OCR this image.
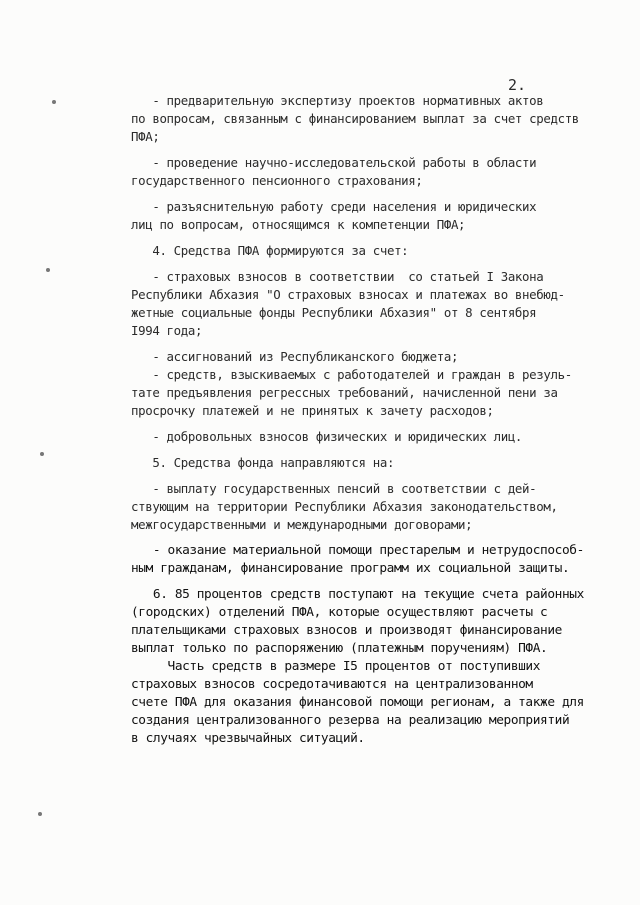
2.
- предварительную экспертизу проектов нормативных актов
по вопросам, связанным с финансированием выплат за счет средств
ПФА;
- проведение научно-исследовательской работы в области
государственного пенсионного страхования;
- разъяснительную работу среди населения и юридических
лиц по вопросам, относящимся к компетенции ПФА;
4. Средства ПФА формируются за счет:
- страховых взносов в соответствии  со статьей I Закона
Республики Абхазия "О страховых взносах и платежах во внебюд-
жетные социальные фонды Республики Абхазия" от 8 сентября
I994 года;
- ассигнований из Республиканского бюджета;
- средств, взыскиваемых с работодателей и граждан в резуль-
тате предъявления регрессных требований, начисленной пени за
просрочку платежей и не принятых к зачету расходов;
- добровольных взносов физических и юридических лиц.
5. Средства фонда направляются на:
- выплату государственных пенсий в соответствии с дей-
ствующим на территории Республики Абхазия законодательством,
межгосударственными и международными договорами;
- оказание материальной помощи престарелым и нетрудоспособ-
ным гражданам, финансирование программ их социальной защиты.
6. 85 процентов средств поступают на текущие счета районных
(городских) отделений ПФА, которые осуществляют расчеты с
плательщиками страховых взносов и производят финансирование
выплат только по распоряжению (платежным поручениям) ПФА.
Часть средств в размере I5 процентов от поступивших
страховых взносов сосредотачиваются на централизованном
счете ПФА для оказания финансовой помощи регионам, а также для
создания централизованного резерва на реализацию мероприятий
в случаях чрезвычайных ситуаций.
